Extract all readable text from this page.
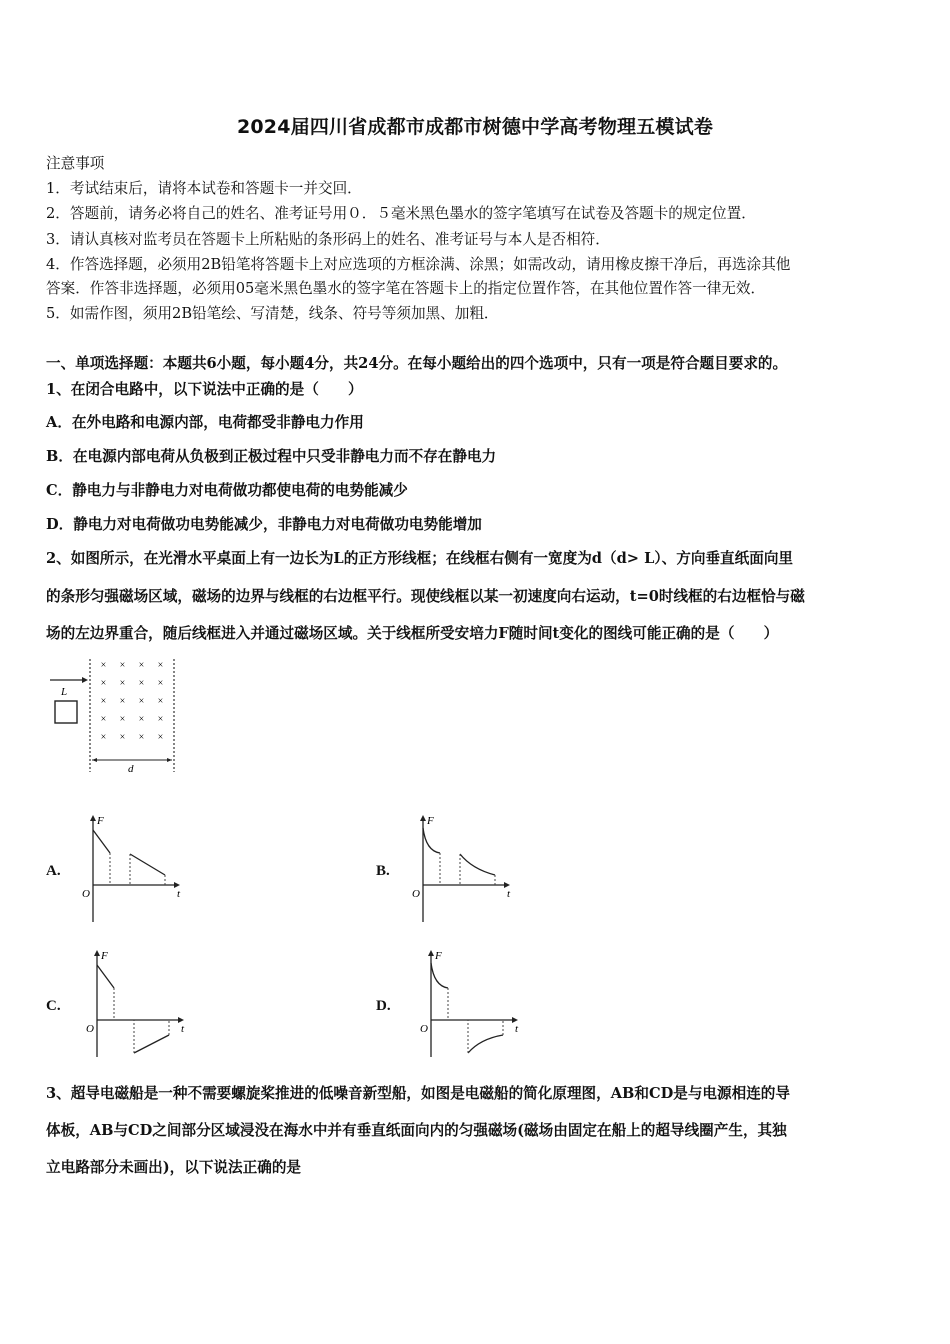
2024届四川省成都市成都市树德中学高考物理五模试卷
注意事项
1．考试结束后，请将本试卷和答题卡一并交回．
2．答题前，请务必将自己的姓名、准考证号用０．５毫米黑色墨水的签字笔填写在试卷及答题卡的规定位置．
3．请认真核对监考员在答题卡上所粘贴的条形码上的姓名、准考证号与本人是否相符．
4．作答选择题，必须用2B铅笔将答题卡上对应选项的方框涂满、涂黑；如需改动，请用橡皮擦干净后，再选涂其他
答案．作答非选择题，必须用05毫米黑色墨水的签字笔在答题卡上的指定位置作答，在其他位置作答一律无效．
5．如需作图，须用2B铅笔绘、写清楚，线条、符号等须加黑、加粗．
一、单项选择题：本题共6小题，每小题4分，共24分。在每小题给出的四个选项中，只有一项是符合题目要求的。
1、在闭合电路中，以下说法中正确的是（　　）
A．在外电路和电源内部，电荷都受非静电力作用
B．在电源内部电荷从负极到正极过程中只受非静电力而不存在静电力
C．静电力与非静电力对电荷做功都使电荷的电势能减少
D．静电力对电荷做功电势能减少，非静电力对电荷做功电势能增加
2、如图所示，在光滑水平桌面上有一边长为L的正方形线框；在线框右侧有一宽度为d（d> L）、方向垂直纸面向里
的条形匀强磁场区域，磁场的边界与线框的右边框平行。现使线框以某一初速度向右运动，t=0时线框的右边框恰与磁
场的左边界重合，随后线框进入并通过磁场区域。关于线框所受安培力F随时间t变化的图线可能正确的是（　　）
L
× × × ×
× × × ×
× × × ×
× × × ×
× × × ×
d
A.
F
t
O
B.
F
t
O
C.
F
t
O
D.
F
t
O
3、超导电磁船是一种不需要螺旋桨推进的低噪音新型船，如图是电磁船的简化原理图，AB和CD是与电源相连的导
体板，AB与CD之间部分区域浸没在海水中并有垂直纸面向内的匀强磁场(磁场由固定在船上的超导线圈产生，其独
立电路部分未画出)，以下说法正确的是
